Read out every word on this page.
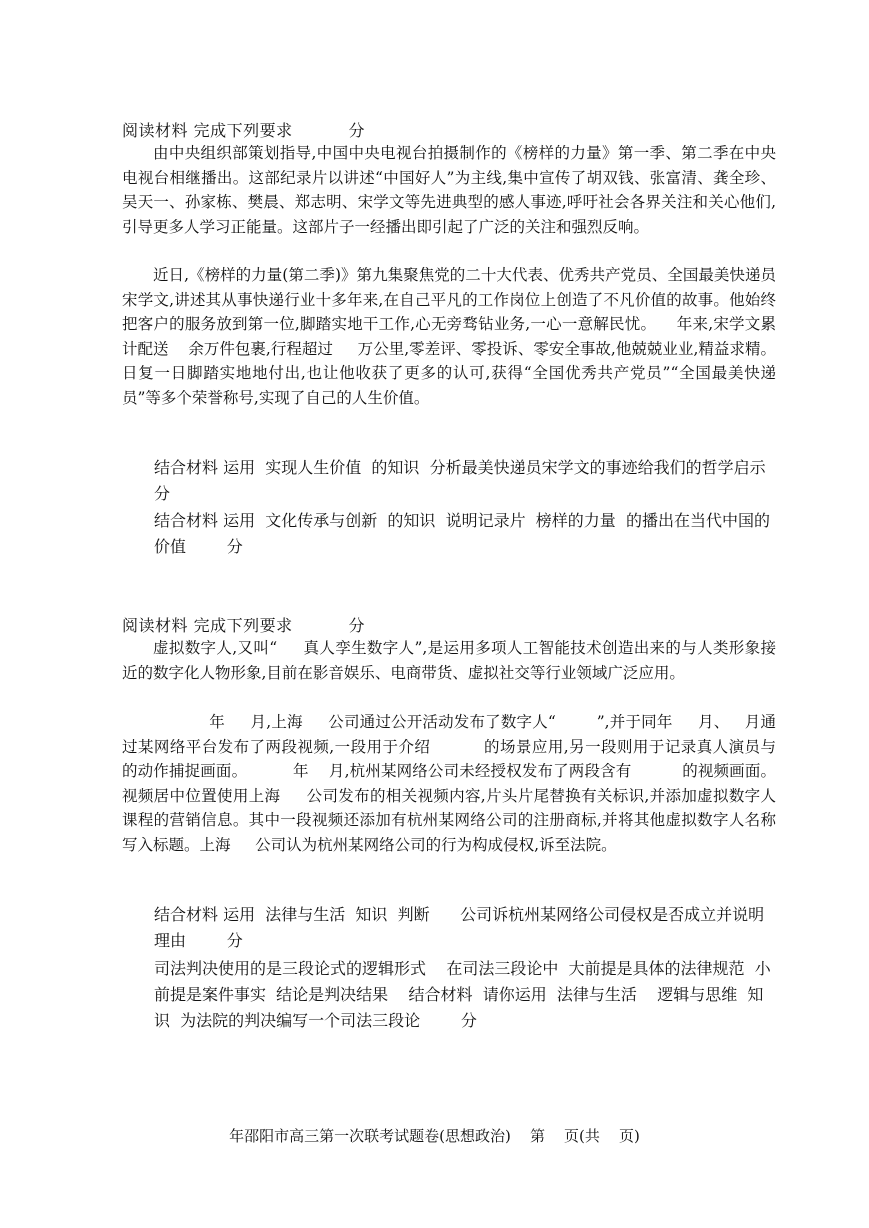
阅读材料 完成下列要求          分
由中央组织部策划指导,中国中央电视台拍摄制作的《榜样的力量》第一季、第二季在中央电视台相继播出。这部纪录片以讲述“中国好人”为主线,集中宣传了胡双钱、张富清、龚全珍、吴天一、孙家栋、樊晨、郑志明、宋学文等先进典型的感人事迹,呼吁社会各界关注和关心他们,引导更多人学习正能量。这部片子一经播出即引起了广泛的关注和强烈反响。
近日,《榜样的力量(第二季)》第九集聚焦党的二十大代表、优秀共产党员、全国最美快递员宋学文,讲述其从事快递行业十多年来,在自己平凡的工作岗位上创造了不凡价值的故事。他始终把客户的服务放到第一位,脚踏实地干工作,心无旁骛钻业务,一心一意解民忧。    年来,宋学文累计配送    余万件包裹,行程超过     万公里,零差评、零投诉、零安全事故,他兢兢业业,精益求精。日复一日脚踏实地地付出,也让他收获了更多的认可,获得“全国优秀共产党员”“全国最美快递员”等多个荣誉称号,实现了自己的人生价值。
结合材料 运用  实现人生价值  的知识  分析最美快递员宋学文的事迹给我们的哲学启示        分
结合材料 运用  文化传承与创新  的知识  说明记录片  榜样的力量  的播出在当代中国的价值        分
阅读材料 完成下列要求          分
虚拟数字人,又叫“     真人孪生数字人”,是运用多项人工智能技术创造出来的与人类形象接近的数字化人物形象,目前在影音娱乐、电商带货、虚拟社交等行业领域广泛应用。
年     月,上海     公司通过公开活动发布了数字人“        ”,并于同年     月、   月通过某网络平台发布了两段视频,一段用于介绍          的场景应用,另一段则用于记录真人演员与          的动作捕捉画面。         年    月,杭州某网络公司未经授权发布了两段含有          的视频画面。视频居中位置使用上海     公司发布的相关视频内容,片头片尾替换有关标识,并添加虚拟数字人课程的营销信息。其中一段视频还添加有杭州某网络公司的注册商标,并将其他虚拟数字人名称写入标题。上海     公司认为杭州某网络公司的行为构成侵权,诉至法院。
结合材料 运用  法律与生活  知识  判断      公司诉杭州某网络公司侵权是否成立并说明理由        分
司法判决使用的是三段论式的逻辑形式    在司法三段论中  大前提是具体的法律规范  小前提是案件事实  结论是判决结果    结合材料  请你运用  法律与生活    逻辑与思维  知识  为法院的判决编写一个司法三段论        分
年邵阳市高三第一次联考试题卷(思想政治)    第    页(共    页)
